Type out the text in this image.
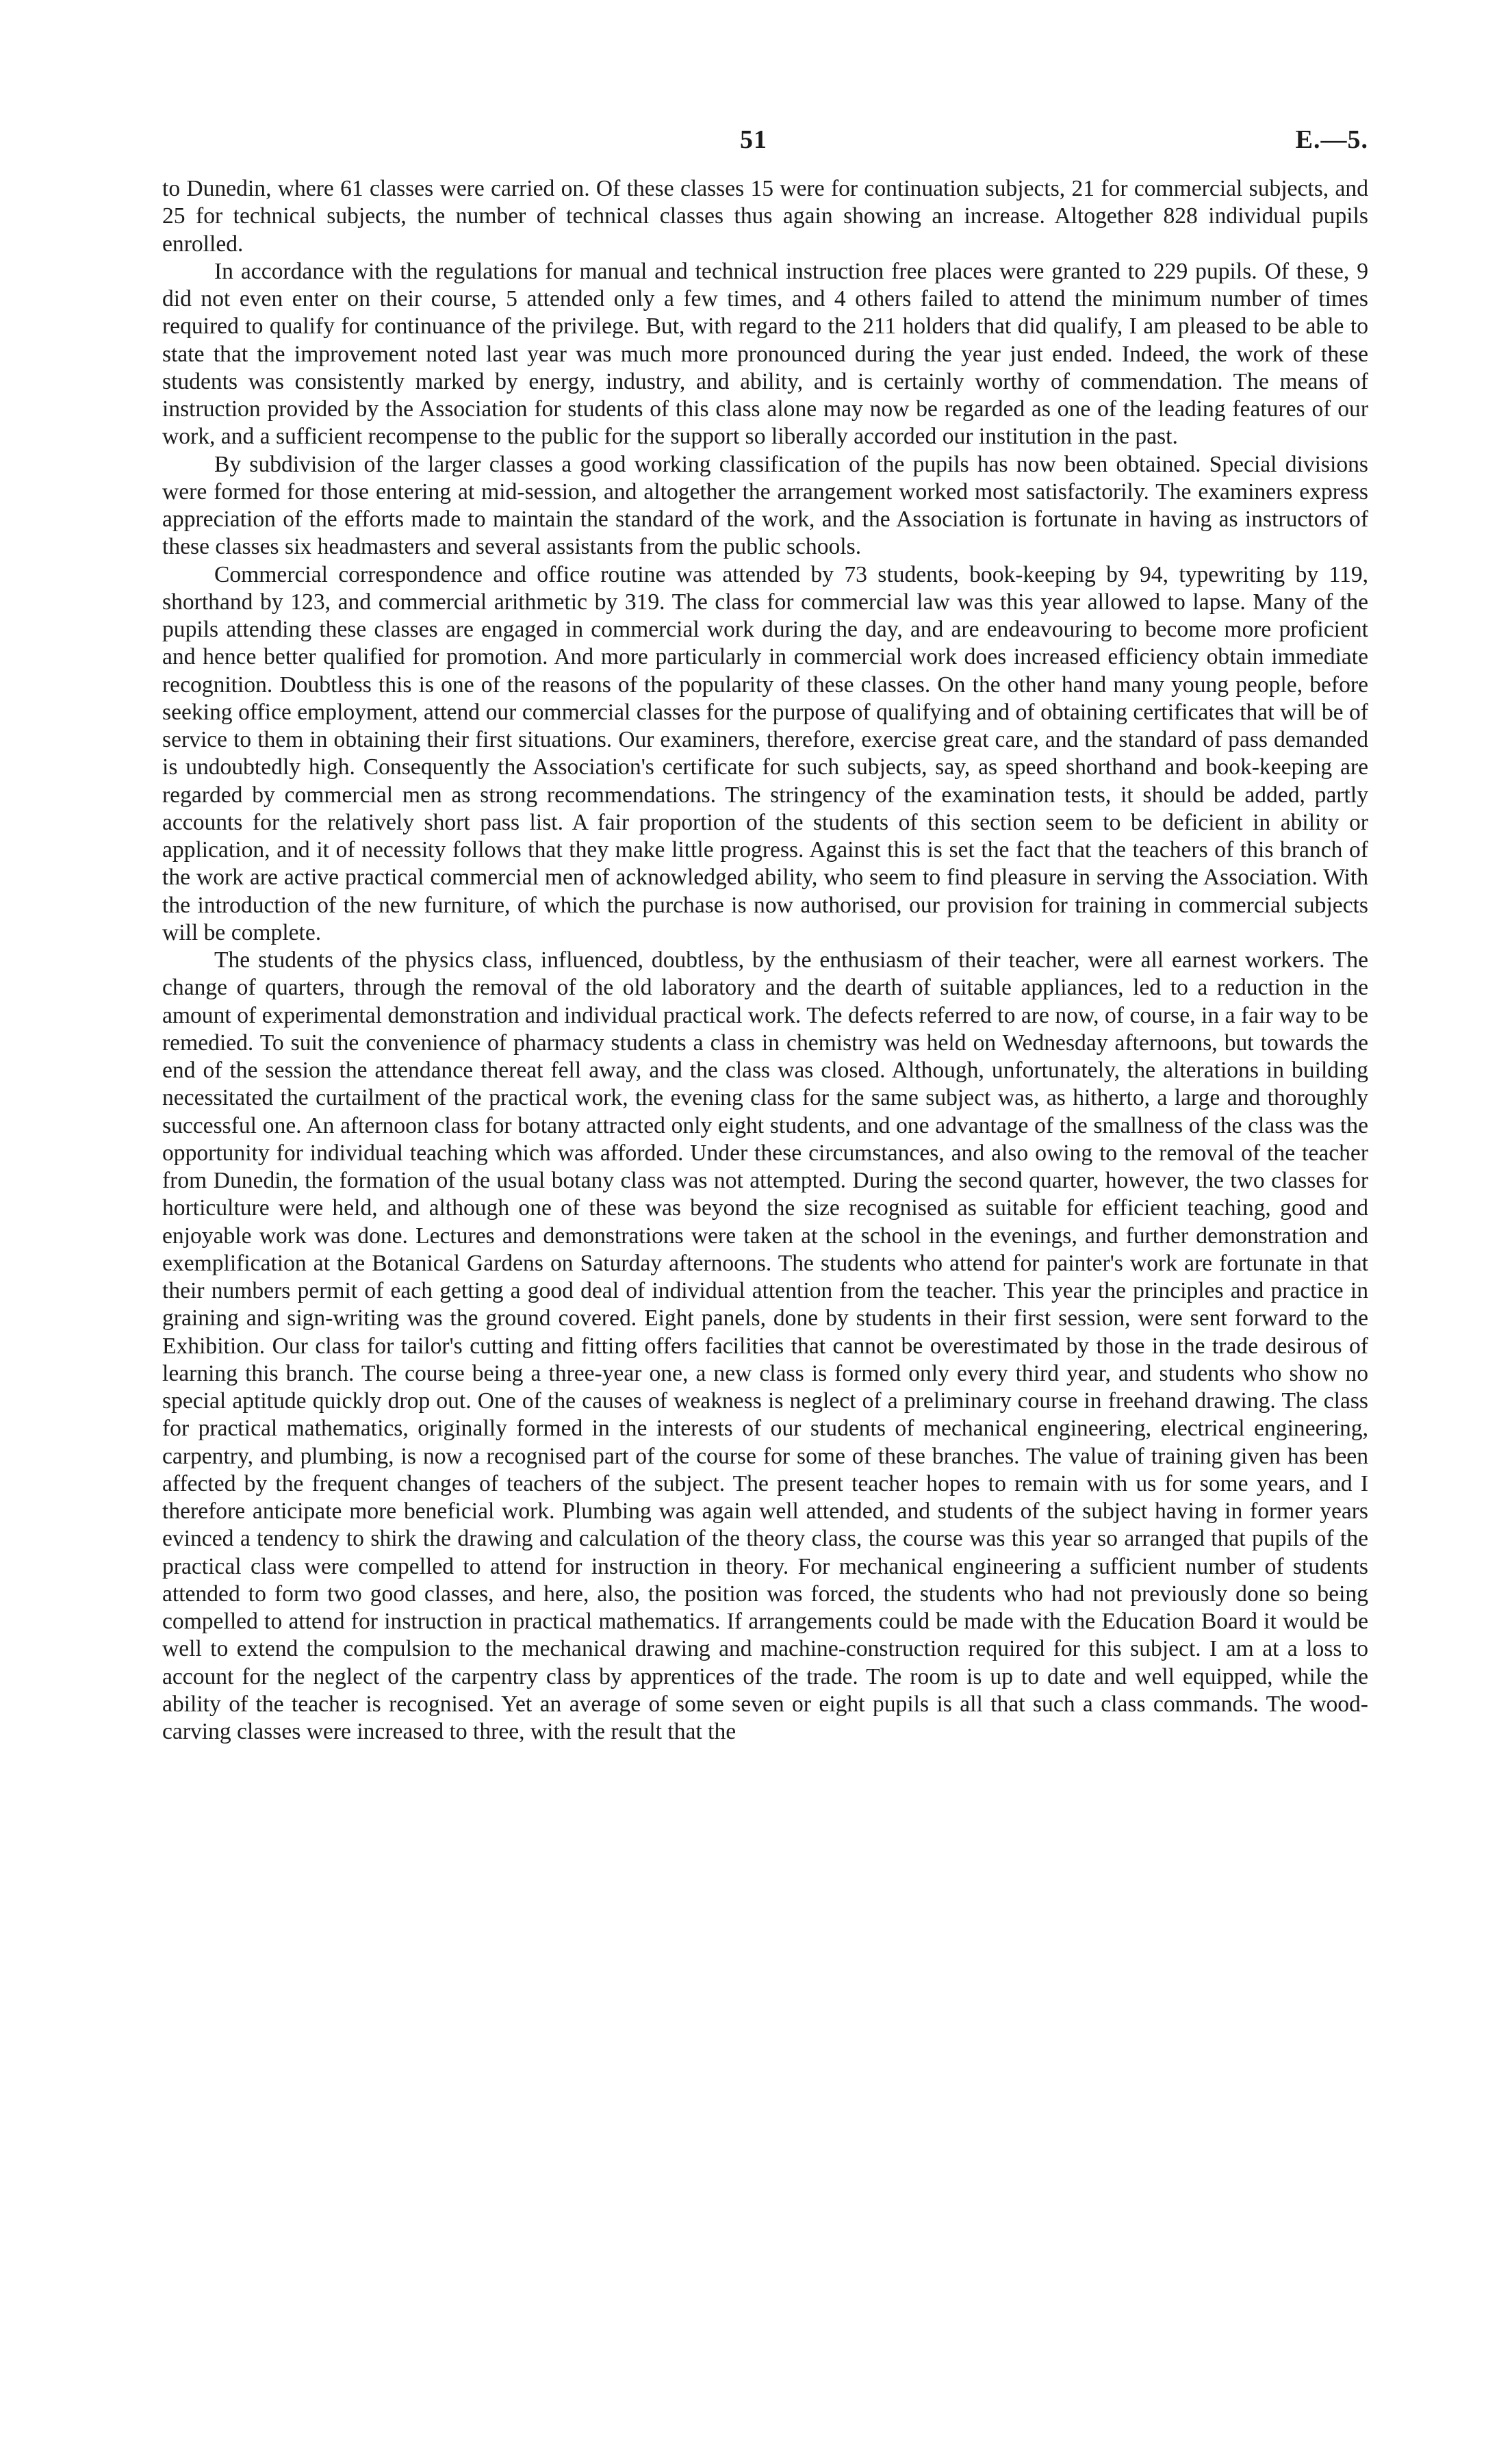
51	E.—5.

to Dunedin, where 61 classes were carried on. Of these classes 15 were for continuation subjects, 21 for commercial subjects, and 25 for technical subjects, the number of technical classes thus again showing an increase. Altogether 828 individual pupils enrolled.

In accordance with the regulations for manual and technical instruction free places were granted to 229 pupils. Of these, 9 did not even enter on their course, 5 attended only a few times, and 4 others failed to attend the minimum number of times required to qualify for continuance of the privilege. But, with regard to the 211 holders that did qualify, I am pleased to be able to state that the improvement noted last year was much more pronounced during the year just ended. Indeed, the work of these students was consistently marked by energy, industry, and ability, and is certainly worthy of commendation. The means of instruction provided by the Association for students of this class alone may now be regarded as one of the leading features of our work, and a sufficient recompense to the public for the support so liberally accorded our institution in the past.

By subdivision of the larger classes a good working classification of the pupils has now been obtained. Special divisions were formed for those entering at mid-session, and altogether the arrangement worked most satisfactorily. The examiners express appreciation of the efforts made to maintain the standard of the work, and the Association is fortunate in having as instructors of these classes six headmasters and several assistants from the public schools.

Commercial correspondence and office routine was attended by 73 students, book-keeping by 94, typewriting by 119, shorthand by 123, and commercial arithmetic by 319. The class for commercial law was this year allowed to lapse. Many of the pupils attending these classes are engaged in commercial work during the day, and are endeavouring to become more proficient and hence better qualified for promotion. And more particularly in commercial work does increased efficiency obtain immediate recognition. Doubtless this is one of the reasons of the popularity of these classes. On the other hand many young people, before seeking office employment, attend our commercial classes for the purpose of qualifying and of obtaining certificates that will be of service to them in obtaining their first situations. Our examiners, therefore, exercise great care, and the standard of pass demanded is undoubtedly high. Consequently the Association's certificate for such subjects, say, as speed shorthand and book-keeping are regarded by commercial men as strong recommendations. The stringency of the examination tests, it should be added, partly accounts for the relatively short pass list. A fair proportion of the students of this section seem to be deficient in ability or application, and it of necessity follows that they make little progress. Against this is set the fact that the teachers of this branch of the work are active practical commercial men of acknowledged ability, who seem to find pleasure in serving the Association. With the introduction of the new furniture, of which the purchase is now authorised, our provision for training in commercial subjects will be complete.

The students of the physics class, influenced, doubtless, by the enthusiasm of their teacher, were all earnest workers. The change of quarters, through the removal of the old laboratory and the dearth of suitable appliances, led to a reduction in the amount of experimental demonstration and individual practical work. The defects referred to are now, of course, in a fair way to be remedied. To suit the convenience of pharmacy students a class in chemistry was held on Wednesday afternoons, but towards the end of the session the attendance thereat fell away, and the class was closed. Although, unfortunately, the alterations in building necessitated the curtailment of the practical work, the evening class for the same subject was, as hitherto, a large and thoroughly successful one. An afternoon class for botany attracted only eight students, and one advantage of the smallness of the class was the opportunity for individual teaching which was afforded. Under these circumstances, and also owing to the removal of the teacher from Dunedin, the formation of the usual botany class was not attempted. During the second quarter, however, the two classes for horticulture were held, and although one of these was beyond the size recognised as suitable for efficient teaching, good and enjoyable work was done. Lectures and demonstrations were taken at the school in the evenings, and further demonstration and exemplification at the Botanical Gardens on Saturday afternoons. The students who attend for painter's work are fortunate in that their numbers permit of each getting a good deal of individual attention from the teacher. This year the principles and practice in graining and sign-writing was the ground covered. Eight panels, done by students in their first session, were sent forward to the Exhibition. Our class for tailor's cutting and fitting offers facilities that cannot be overestimated by those in the trade desirous of learning this branch. The course being a three-year one, a new class is formed only every third year, and students who show no special aptitude quickly drop out. One of the causes of weakness is neglect of a preliminary course in freehand drawing. The class for practical mathematics, originally formed in the interests of our students of mechanical engineering, electrical engineering, carpentry, and plumbing, is now a recognised part of the course for some of these branches. The value of training given has been affected by the frequent changes of teachers of the subject. The present teacher hopes to remain with us for some years, and I therefore anticipate more beneficial work. Plumbing was again well attended, and students of the subject having in former years evinced a tendency to shirk the drawing and calculation of the theory class, the course was this year so arranged that pupils of the practical class were compelled to attend for instruction in theory. For mechanical engineering a sufficient number of students attended to form two good classes, and here, also, the position was forced, the students who had not previously done so being compelled to attend for instruction in practical mathematics. If arrangements could be made with the Education Board it would be well to extend the compulsion to the mechanical drawing and machine-construction required for this subject. I am at a loss to account for the neglect of the carpentry class by apprentices of the trade. The room is up to date and well equipped, while the ability of the teacher is recognised. Yet an average of some seven or eight pupils is all that such a class commands. The wood-carving classes were increased to three, with the result that the
